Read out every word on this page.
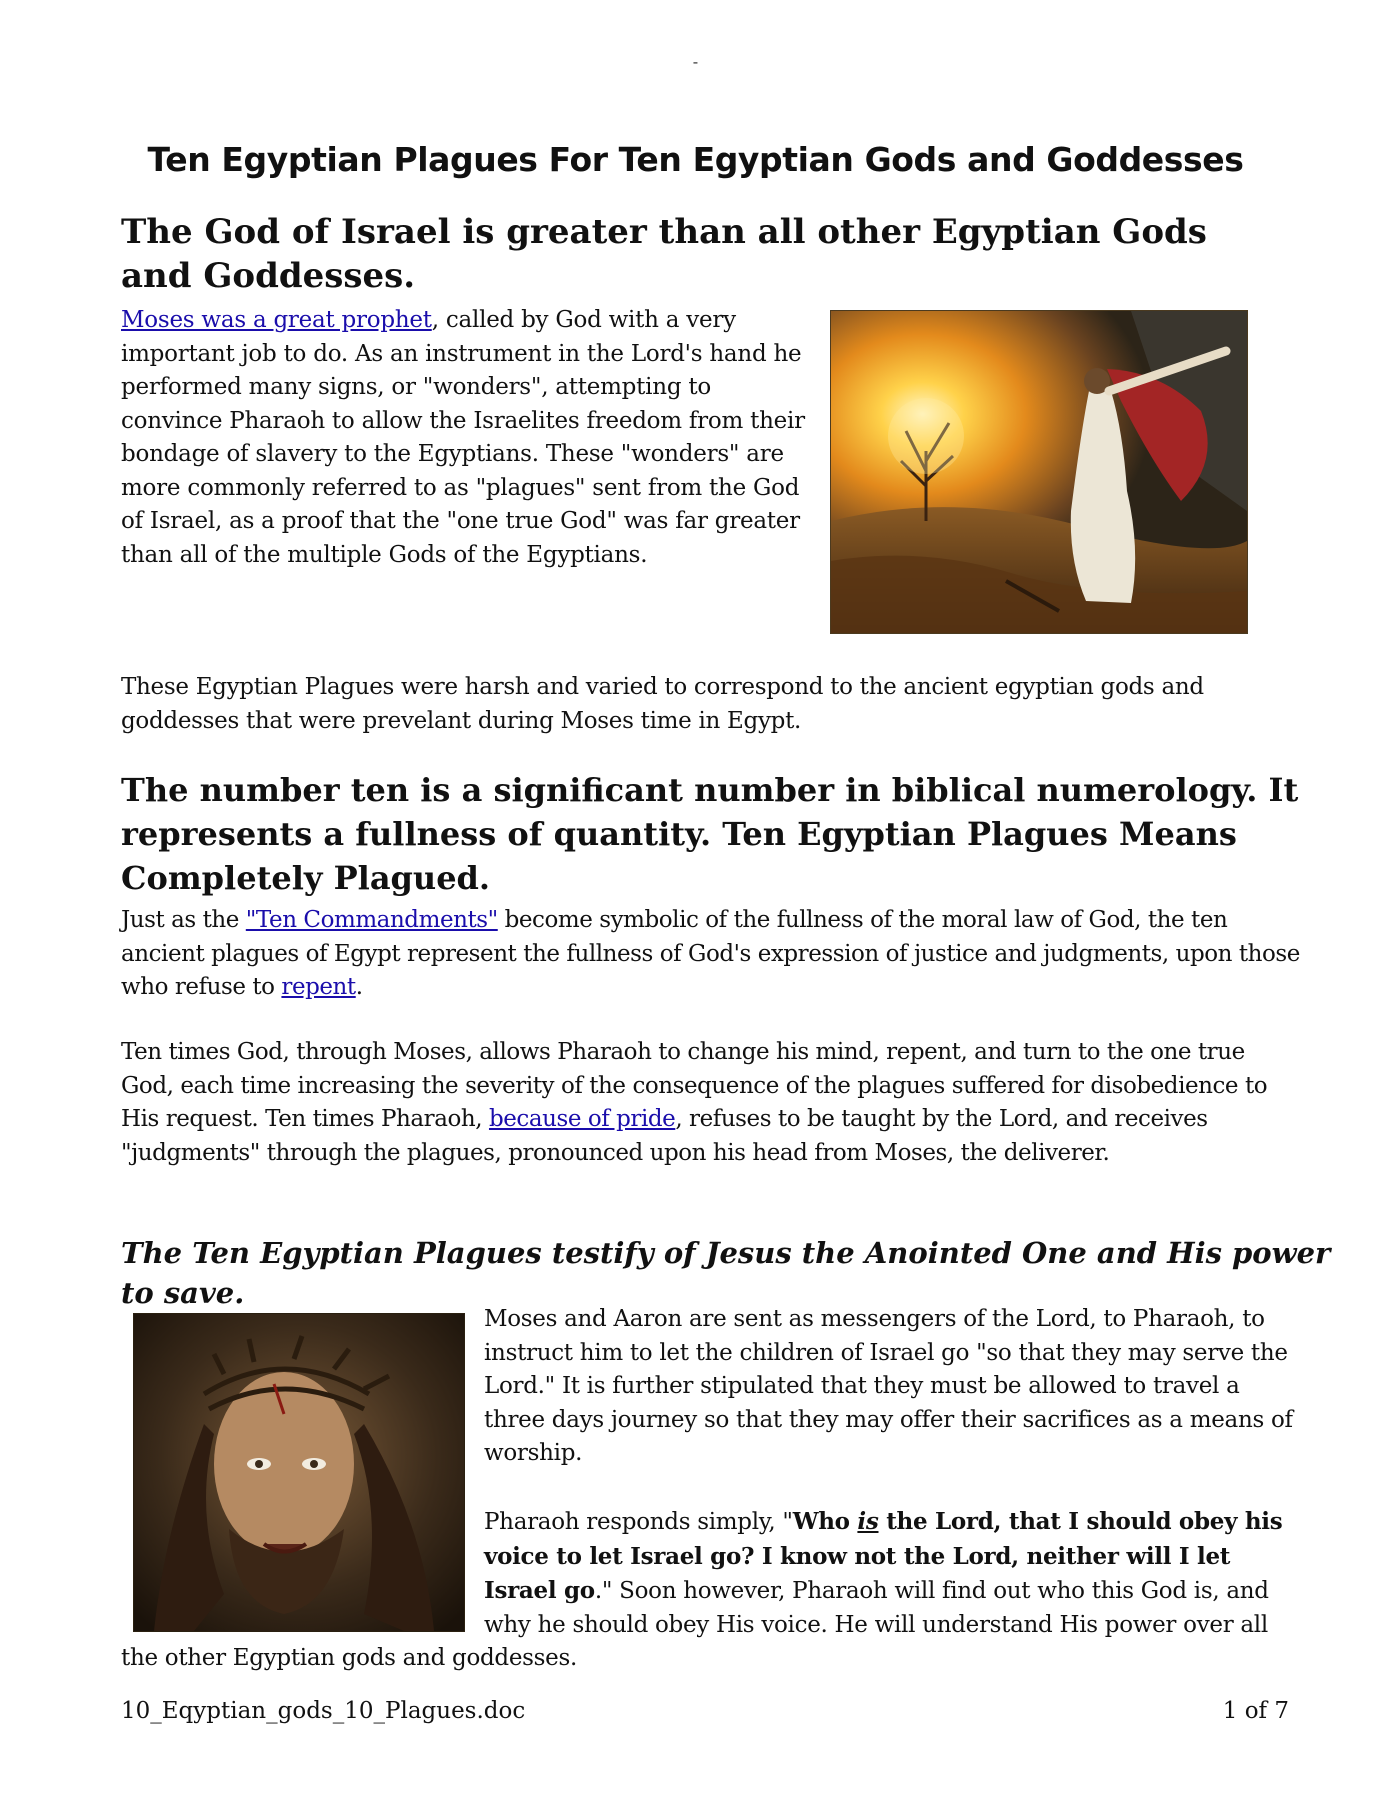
-
Ten Egyptian Plagues For Ten Egyptian Gods and Goddesses
The God of Israel is greater than all other Egyptian Gods and Goddesses.

Moses was a great prophet, called by God with a very important job to do. As an instrument in the Lord's hand he performed many signs, or "wonders", attempting to convince Pharaoh to allow the Israelites freedom from their bondage of slavery to the Egyptians. These "wonders" are more commonly referred to as "plagues" sent from the God of Israel, as a proof that the "one true God" was far greater than all of the multiple Gods of the Egyptians.

These Egyptian Plagues were harsh and varied to correspond to the ancient egyptian gods and goddesses that were prevelant during Moses time in Egypt.

The number ten is a significant number in biblical numerology. It represents a fullness of quantity. Ten Egyptian Plagues Means Completely Plagued.

Just as the "Ten Commandments" become symbolic of the fullness of the moral law of God, the ten ancient plagues of Egypt represent the fullness of God's expression of justice and judgments, upon those who refuse to repent.

Ten times God, through Moses, allows Pharaoh to change his mind, repent, and turn to the one true God, each time increasing the severity of the consequence of the plagues suffered for disobedience to His request. Ten times Pharaoh, because of pride, refuses to be taught by the Lord, and receives "judgments" through the plagues, pronounced upon his head from Moses, the deliverer.

The Ten Egyptian Plagues testify of Jesus the Anointed One and His power to save.

Moses and Aaron are sent as messengers of the Lord, to Pharaoh, to instruct him to let the children of Israel go "so that they may serve the Lord." It is further stipulated that they must be allowed to travel a three days journey so that they may offer their sacrifices as a means of worship.

Pharaoh responds simply, "Who is the Lord, that I should obey his voice to let Israel go? I know not the Lord, neither will I let Israel go." Soon however, Pharaoh will find out who this God is, and why he should obey His voice. He will understand His power over all the other Egyptian gods and goddesses.

10_Eqyptian_gods_10_Plagues.doc	1 of 7
